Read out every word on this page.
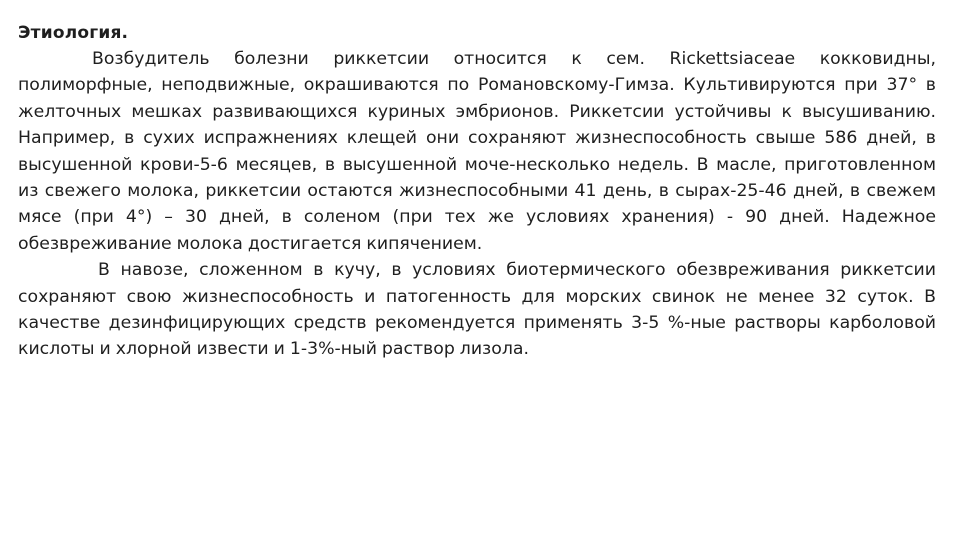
Этиология.

Возбудитель болезни риккетсии относится к сем. Rickettsiaceae кокковидны, полиморфные, неподвижные, окрашиваются по Романовскому-Гимза. Культивируются при 37° в желточных мешках развивающихся куриных эмбрионов. Риккетсии устойчивы к высушиванию. Например, в сухих испражнениях клещей они сохраняют жизнеспособность свыше 586 дней, в высушенной крови-5-6 месяцев, в высушенной моче-несколько недель. В масле, приготовленном из свежего молока, риккетсии остаются жизнеспособными 41 день, в сырах-25-46 дней, в свежем мясе (при 4°) – 30 дней, в соленом (при тех же условиях хранения) - 90 дней. Надежное обезвреживание молока достигается кипячением.

В навозе, сложенном в кучу, в условиях биотермического обезвреживания риккетсии сохраняют свою жизнеспособность и патогенность для морских свинок не менее 32 суток. В качестве дезинфицирующих средств рекомендуется применять 3-5 %-ные растворы карболовой кислоты и хлорной извести и 1-3%-ный раствор лизола.
